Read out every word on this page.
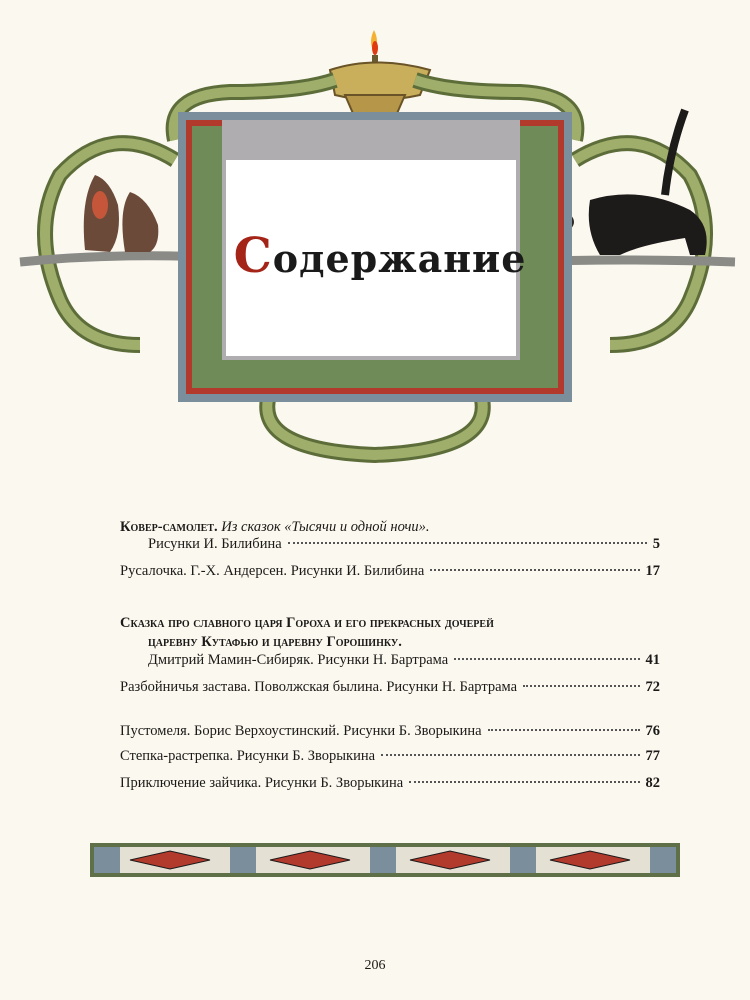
Содержание
Ковер-самолет. Из сказок «Тысячи и одной ночи».
Рисунки И. Билибина	5
Русалочка. Г.-Х. Андерсен. Рисунки И. Билибина	17
Сказка про славного царя Гороха и его прекрасных дочерей
царевну Кутафью и царевну Горошинку.
Дмитрий Мамин-Сибиряк. Рисунки Н. Бартрама	41
Разбойничья застава. Поволжская былина. Рисунки Н. Бартрама	72
Пустомеля. Борис Верхоустинский. Рисунки Б. Зворыкина	76
Степка-растрепка. Рисунки Б. Зворыкина	77
Приключение зайчика. Рисунки Б. Зворыкина	82
206
